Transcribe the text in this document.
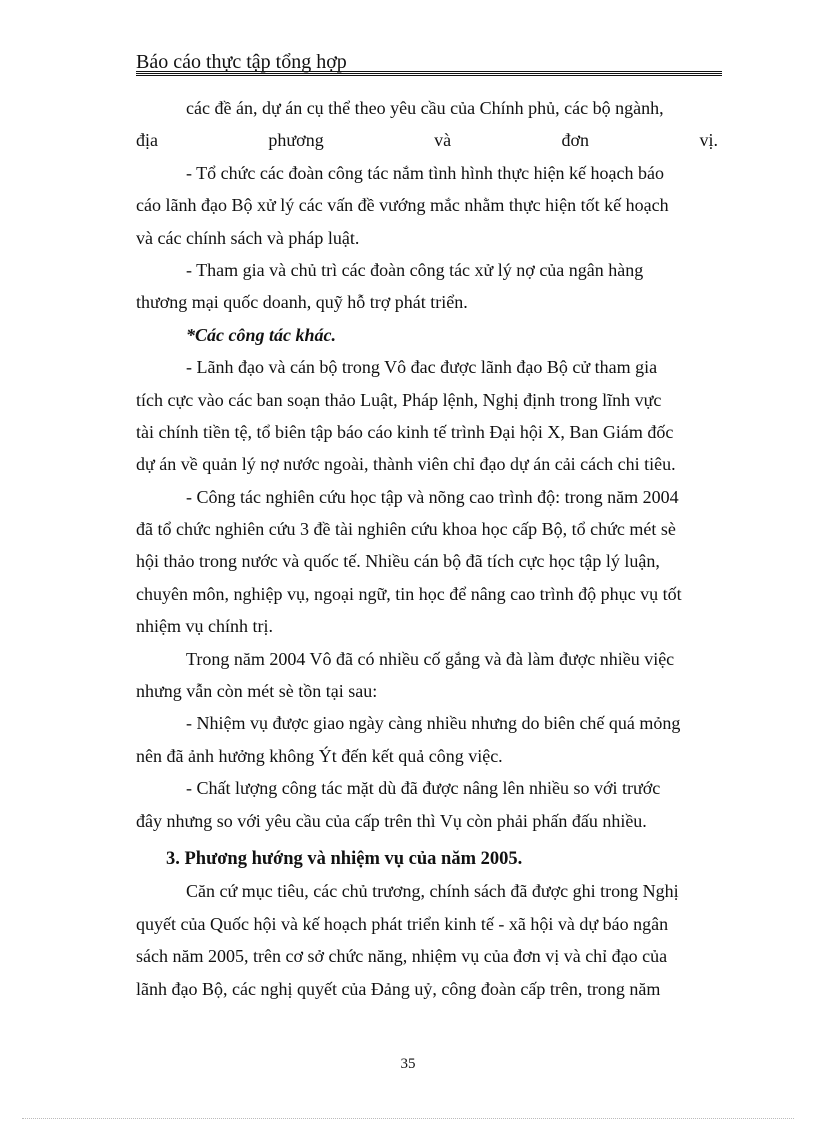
Báo cáo thực tập tổng hợp
các đề án, dự án cụ thể theo yêu cầu của Chính phủ, các bộ ngành,
địa phương và đơn vị.
- Tổ chức các đoàn công tác nắm tình hình thực hiện kế hoạch báo
cáo lãnh đạo Bộ xử lý các vấn đề vướng mắc nhằm thực hiện tốt kế hoạch
và các chính sách và pháp luật.
- Tham gia và chủ trì các đoàn công tác xử lý nợ của ngân hàng
thương mại quốc doanh, quỹ hỗ trợ phát triển.
*Các công tác khác.
- Lãnh đạo và cán bộ trong Vô đac được lãnh đạo Bộ cử tham gia
tích cực vào các ban soạn thảo Luật, Pháp lệnh, Nghị định trong lĩnh vực
tài chính tiền tệ, tổ biên tập báo cáo kinh tế trình Đại hội X, Ban Giám đốc
dự án về quản lý nợ nước ngoài, thành viên chỉ đạo dự án cải cách chi tiêu.
- Công tác nghiên cứu học tập và nõng cao trình độ: trong năm 2004
đã tổ chức nghiên cứu 3 đề tài nghiên cứu khoa học cấp Bộ, tổ chức mét sè
hội thảo trong nước và quốc tế. Nhiều cán bộ đã tích cực học tập lý luận,
chuyên môn, nghiệp vụ, ngoại ngữ, tin học để nâng cao trình độ phục vụ tốt
nhiệm vụ chính trị.
Trong năm 2004 Vô đã có nhiều cố gắng và đà làm được nhiều việc
nhưng vẫn còn mét sè tồn tại sau:
- Nhiệm vụ được giao ngày càng nhiều nhưng do biên chế quá mỏng
nên đã ảnh hưởng không Ýt đến kết quả công việc.
- Chất lượng công tác mặt dù đã được nâng lên nhiều so với trước
đây nhưng so với yêu cầu của cấp trên thì Vụ còn phải phấn đấu nhiều.
3. Phương hướng và nhiệm vụ của năm 2005.
Căn cứ mục tiêu, các chủ trương, chính sách đã được ghi trong Nghị
quyết của Quốc hội và kế hoạch phát triển kinh tế - xã hội và dự báo ngân
sách năm 2005, trên cơ sở chức năng, nhiệm vụ của đơn vị và chỉ đạo của
lãnh đạo Bộ, các nghị quyết của Đảng uỷ, công đoàn cấp trên, trong năm
35
